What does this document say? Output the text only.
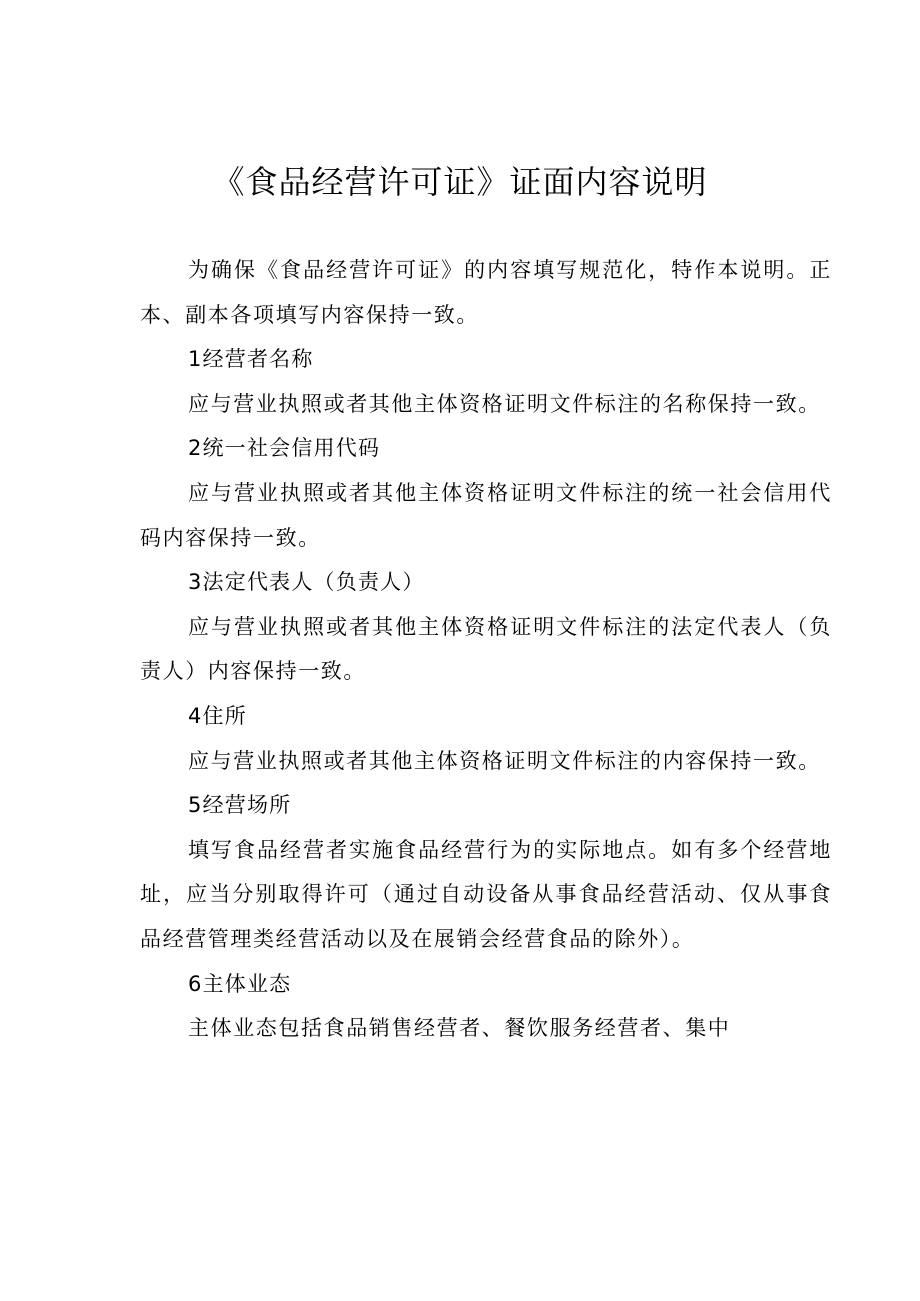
《食品经营许可证》证面内容说明

为确保《食品经营许可证》的内容填写规范化，特作本说明。正本、副本各项填写内容保持一致。

1经营者名称

应与营业执照或者其他主体资格证明文件标注的名称保持一致。

2统一社会信用代码

应与营业执照或者其他主体资格证明文件标注的统一社会信用代码内容保持一致。

3法定代表人（负责人）

应与营业执照或者其他主体资格证明文件标注的法定代表人（负责人）内容保持一致。

4住所

应与营业执照或者其他主体资格证明文件标注的内容保持一致。

5经营场所

填写食品经营者实施食品经营行为的实际地点。如有多个经营地址，应当分别取得许可（通过自动设备从事食品经营活动、仅从事食品经营管理类经营活动以及在展销会经营食品的除外）。

6主体业态

主体业态包括食品销售经营者、餐饮服务经营者、集中
